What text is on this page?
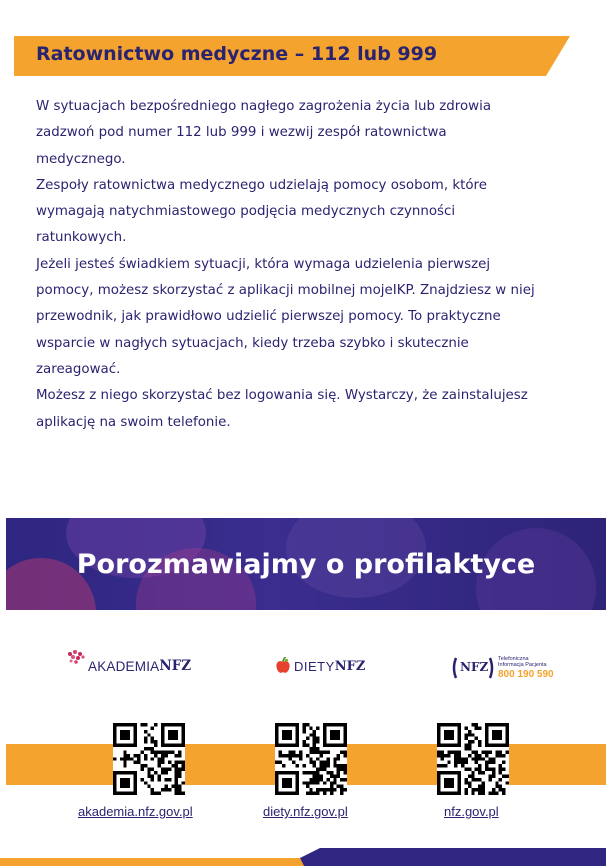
Ratownictwo medyczne – 112 lub 999
W sytuacjach bezpośredniego nagłego zagrożenia życia lub zdrowia
zadzwoń pod numer 112 lub 999 i wezwij zespół ratownictwa
medycznego.
Zespoły ratownictwa medycznego udzielają pomocy osobom, które
wymagają natychmiastowego podjęcia medycznych czynności
ratunkowych.
Jeżeli jesteś świadkiem sytuacji, która wymaga udzielenia pierwszej
pomocy, możesz skorzystać z aplikacji mobilnej mojeIKP. Znajdziesz w niej
przewodnik, jak prawidłowo udzielić pierwszej pomocy. To praktyczne
wsparcie w nagłych sytuacjach, kiedy trzeba szybko i skutecznie
zareagować.
Możesz z niego skorzystać bez logowania się. Wystarczy, że zainstalujesz
aplikację na swoim telefonie.
Porozmawiajmy o profilaktyce
AKADEMIA NFZ	DIETY NFZ	NFZ
Telefoniczna
Informacja Pacjenta
800 190 590
akademia.nfz.gov.pl	diety.nfz.gov.pl	nfz.gov.pl
